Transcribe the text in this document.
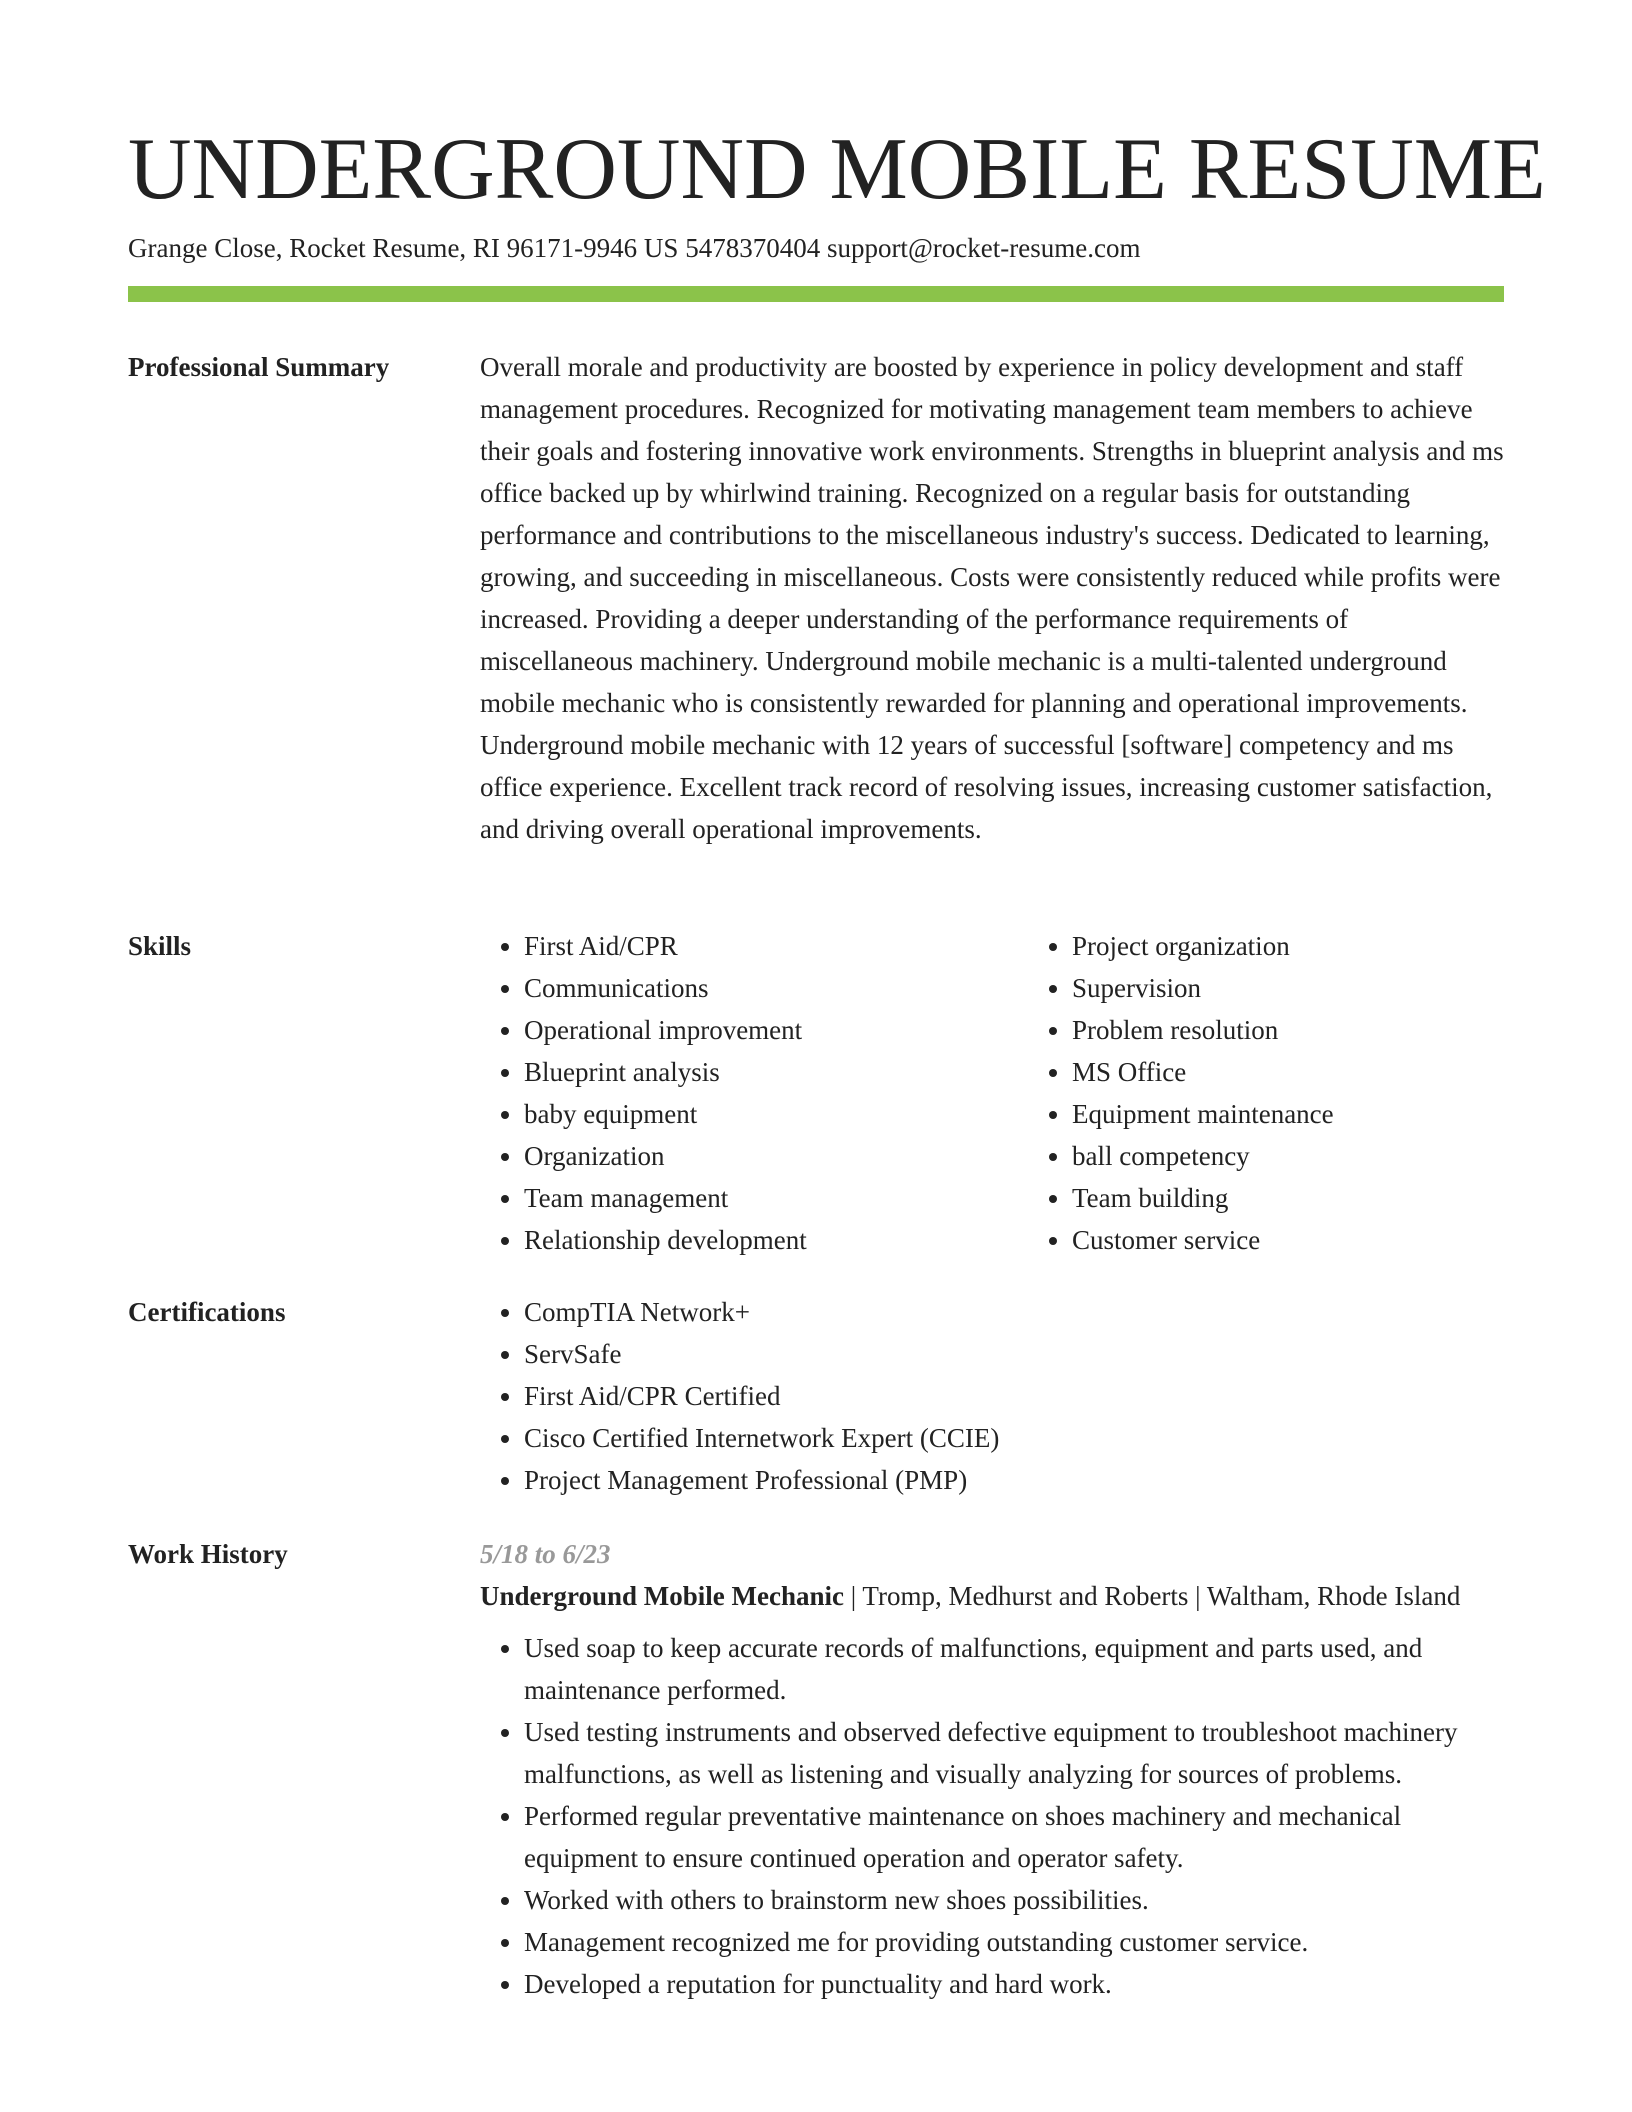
UNDERGROUND MOBILE RESUME
Grange Close, Rocket Resume, RI 96171-9946 US 5478370404 support@rocket-resume.com
Professional Summary	Overall morale and productivity are boosted by experience in policy development and staff management procedures. Recognized for motivating management team members to achieve their goals and fostering innovative work environments. Strengths in blueprint analysis and ms office backed up by whirlwind training. Recognized on a regular basis for outstanding performance and contributions to the miscellaneous industry's success. Dedicated to learning, growing, and succeeding in miscellaneous. Costs were consistently reduced while profits were increased. Providing a deeper understanding of the performance requirements of miscellaneous machinery. Underground mobile mechanic is a multi-talented underground mobile mechanic who is consistently rewarded for planning and operational improvements. Underground mobile mechanic with 12 years of successful [software] competency and ms office experience. Excellent track record of resolving issues, increasing customer satisfaction, and driving overall operational improvements.

Skills	• First Aid/CPR
• Communications
• Operational improvement
• Blueprint analysis
• baby equipment
• Organization
• Team management
• Relationship development
• Project organization
• Supervision
• Problem resolution
• MS Office
• Equipment maintenance
• ball competency
• Team building
• Customer service
Certifications	• CompTIA Network+
• ServSafe
• First Aid/CPR Certified
• Cisco Certified Internetwork Expert (CCIE)
• Project Management Professional (PMP)
Work History	5/18 to 6/23
Underground Mobile Mechanic | Tromp, Medhurst and Roberts | Waltham, Rhode Island
• Used soap to keep accurate records of malfunctions, equipment and parts used, and maintenance performed.
• Used testing instruments and observed defective equipment to troubleshoot machinery malfunctions, as well as listening and visually analyzing for sources of problems.
• Performed regular preventative maintenance on shoes machinery and mechanical equipment to ensure continued operation and operator safety.
• Worked with others to brainstorm new shoes possibilities.
• Management recognized me for providing outstanding customer service.
• Developed a reputation for punctuality and hard work.
